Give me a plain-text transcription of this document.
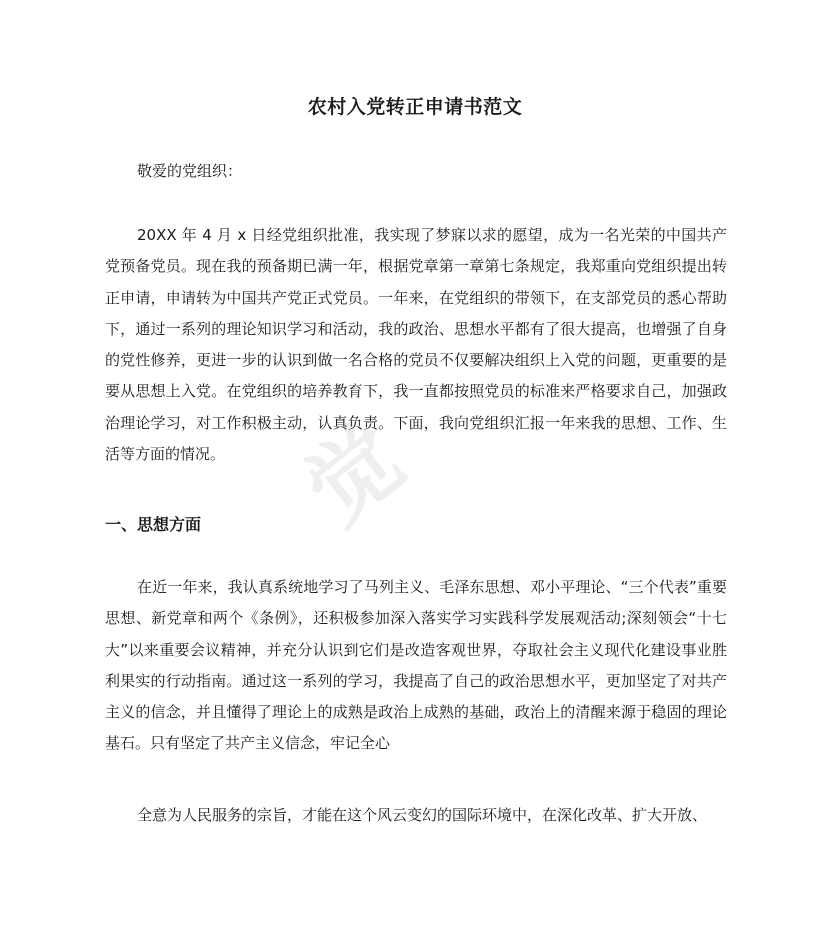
农村入党转正申请书范文
敬爱的党组织：

20XX 年 4 月 x 日经党组织批准，我实现了梦寐以求的愿望，成为一名光荣的中国共产党预备党员。现在我的预备期已满一年，根据党章第一章第七条规定，我郑重向党组织提出转正申请，申请转为中国共产党正式党员。一年来，在党组织的带领下，在支部党员的悉心帮助下，通过一系列的理论知识学习和活动，我的政治、思想水平都有了很大提高，也增强了自身的党性修养，更进一步的认识到做一名合格的党员不仅要解决组织上入党的问题，更重要的是要从思想上入党。在党组织的培养教育下，我一直都按照党员的标准来严格要求自己，加强政治理论学习，对工作积极主动，认真负责。下面，我向党组织汇报一年来我的思想、工作、生活等方面的情况。

一、思想方面

在近一年来，我认真系统地学习了马列主义、毛泽东思想、邓小平理论、“三个代表”重要思想、新党章和两个《条例》，还积极参加深入落实学习实践科学发展观活动;深刻领会“十七大”以来重要会议精神，并充分认识到它们是改造客观世界，夺取社会主义现代化建设事业胜利果实的行动指南。通过这一系列的学习，我提高了自己的政治思想水平，更加坚定了对共产主义的信念，并且懂得了理论上的成熟是政治上成熟的基础，政治上的清醒来源于稳固的理论基石。只有坚定了共产主义信念，牢记全心

全意为人民服务的宗旨，才能在这个风云变幻的国际环境中，在深化改革、扩大开放、

觉
